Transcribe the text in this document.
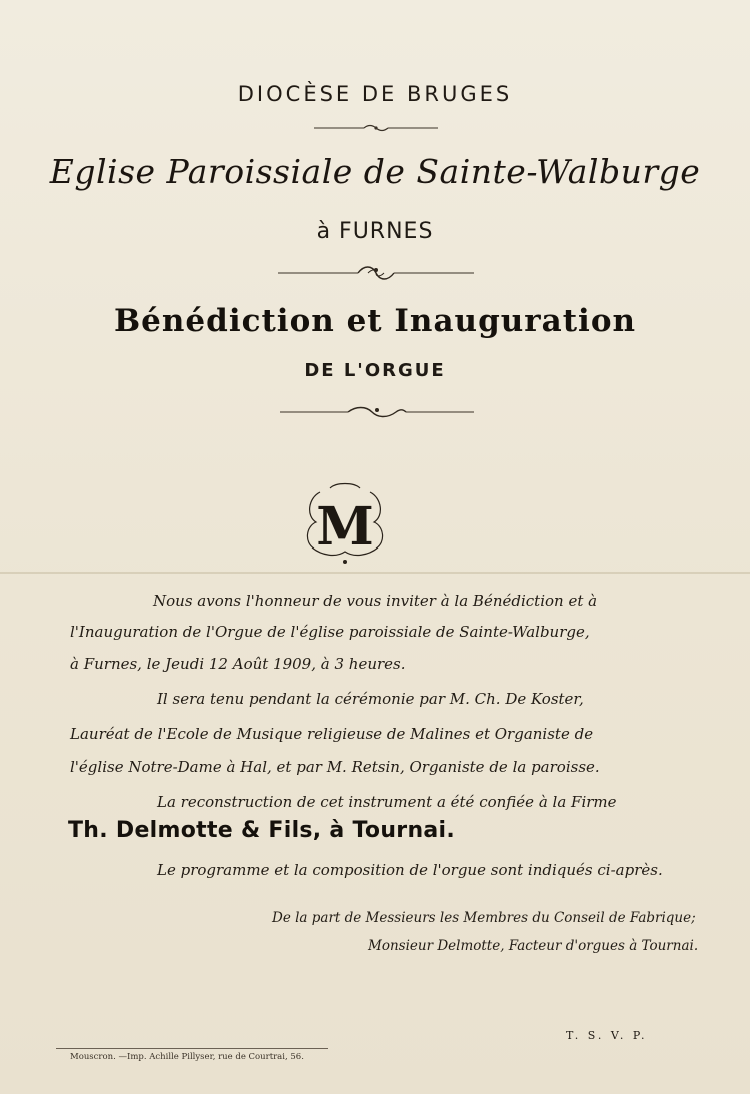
DIOCÈSE DE BRUGES
Eglise Paroissiale de Sainte-Walburge
à FURNES
Bénédiction et Inauguration
DE L'ORGUE
M
Nous avons l'honneur de vous inviter à la Bénédiction et à
l'Inauguration de l'Orgue de l'église paroissiale de Sainte-Walburge,
à Furnes, le Jeudi 12 Août 1909, à 3 heures.
Il sera tenu pendant la cérémonie par M. Ch. De Koster,
Lauréat de l'Ecole de Musique religieuse de Malines et Organiste de
l'église Notre-Dame à Hal, et par M. Retsin, Organiste de la paroisse.
La reconstruction de cet instrument a été confiée à la Firme
Th. Delmotte & Fils, à Tournai.
Le programme et la composition de l'orgue sont indiqués ci-après.
De la part de Messieurs les Membres du Conseil de Fabrique;
Monsieur Delmotte, Facteur d'orgues à Tournai.
T. S. V. P.
Mouscron. —Imp. Achille Pillyser, rue de Courtrai, 56.
